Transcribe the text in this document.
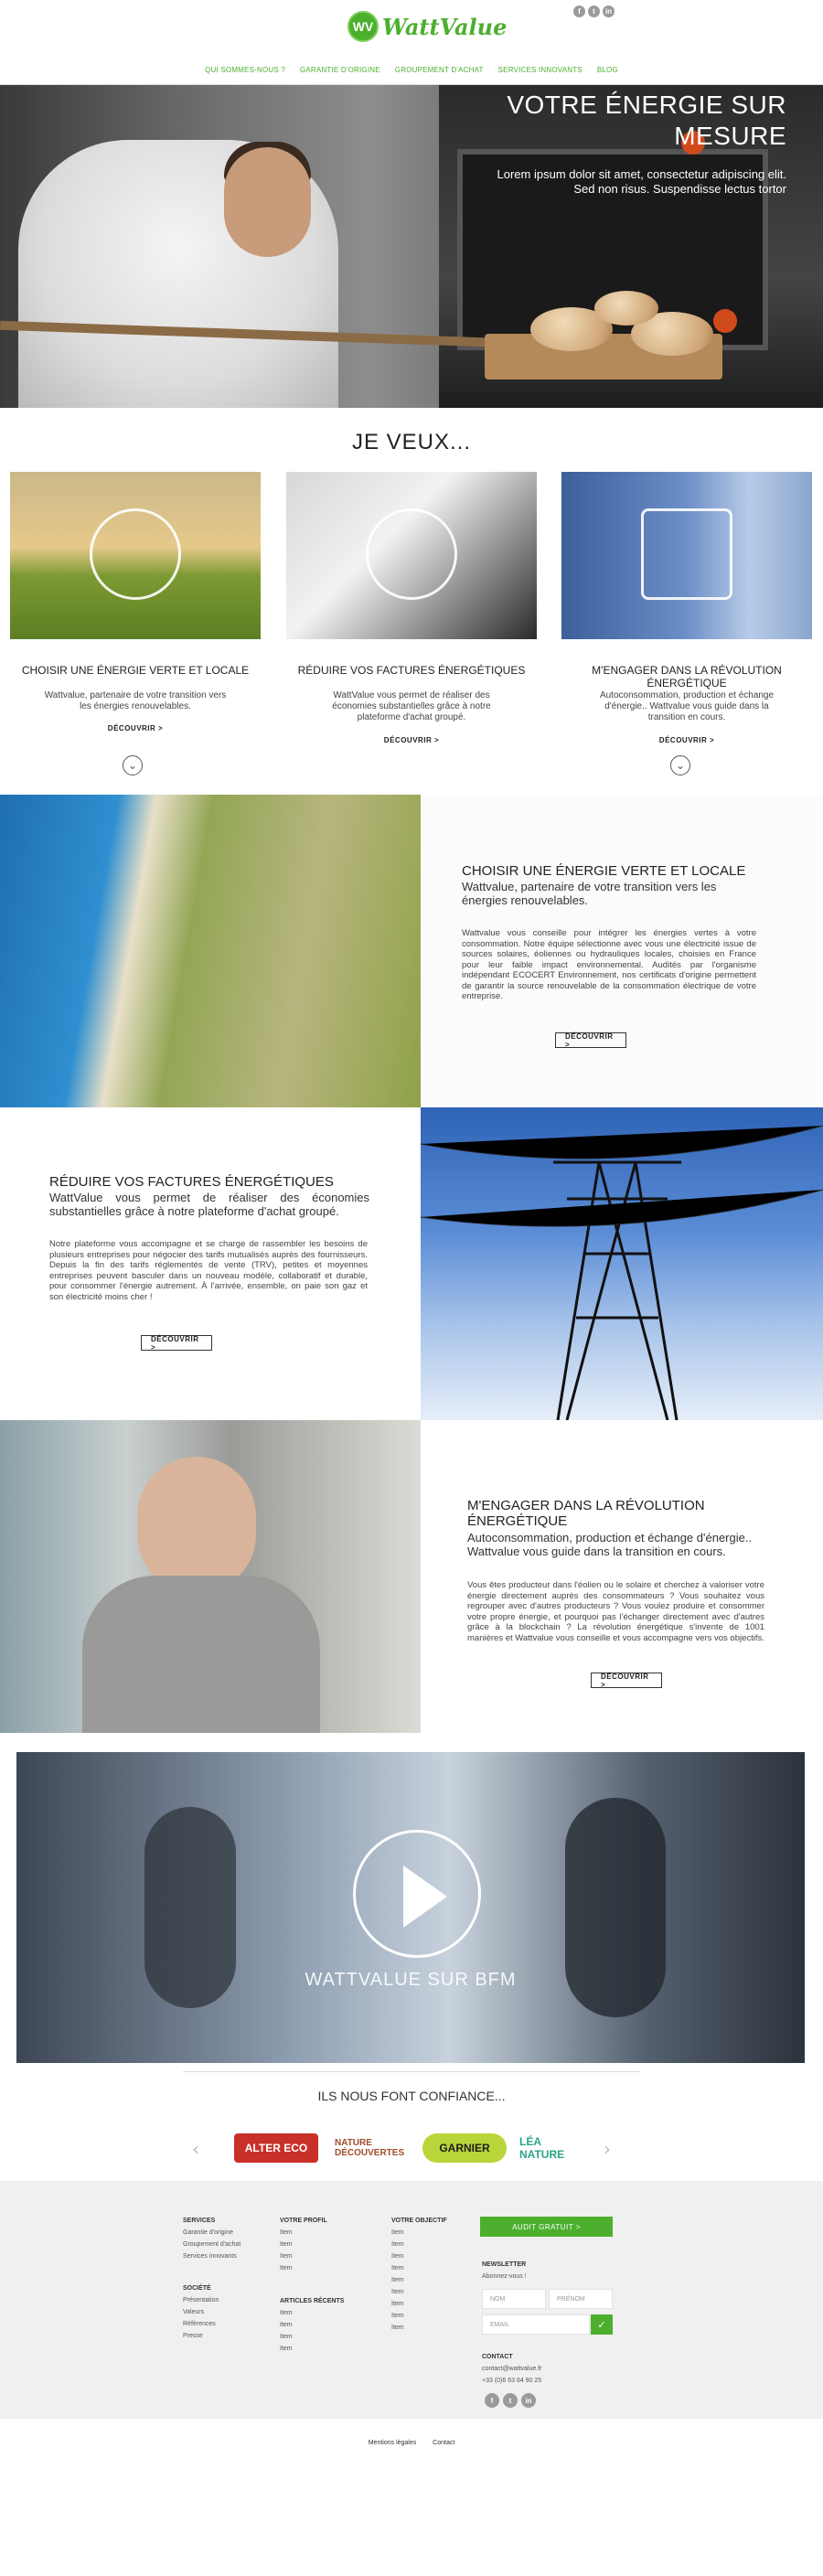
WV WattValue
f	t	in
QUI SOMMES-NOUS ? GARANTIE D'ORIGINE GROUPEMENT D'ACHAT SERVICES INNOVANTS BLOG
VOTRE ÉNERGIE SUR MESURE
Lorem ipsum dolor sit amet, consectetur adipiscing elit. Sed non risus. Suspendisse lectus tortor
JE VEUX...
CHOISIR UNE ÉNERGIE VERTE ET LOCALE
Wattvalue, partenaire de votre transition vers les énergies renouvelables.
DÉCOUVRIR >
⌄
RÉDUIRE VOS FACTURES ÉNERGÉTIQUES
WattValue vous permet de réaliser des économies substantielles grâce à notre plateforme d'achat groupé.
DÉCOUVRIR >
M'ENGAGER DANS LA RÉVOLUTION ÉNERGÉTIQUE
Autoconsommation, production et échange d'énergie.. Wattvalue vous guide dans la transition en cours.
DÉCOUVRIR >
⌄
CHOISIR UNE ÉNERGIE VERTE ET LOCALE
Wattvalue, partenaire de votre transition vers les énergies renouvelables.
Wattvalue vous conseille pour intégrer les énergies vertes à votre consommation. Notre équipe sélectionne avec vous une électricité issue de sources solaires, éoliennes ou hydrauliques locales, choisies en France pour leur faible impact environnemental. Audités par l'organisme indépendant ECOCERT Environnement, nos certificats d'origine permettent de garantir la source renouvelable de la consommation électrique de votre entreprise.
DÉCOUVRIR >
RÉDUIRE VOS FACTURES ÉNERGÉTIQUES
WattValue vous permet de réaliser des économies substantielles grâce à notre plateforme d'achat groupé.
Notre plateforme vous accompagne et se charge de rassembler les besoins de plusieurs entreprises pour négocier des tarifs mutualisés auprès des fournisseurs. Depuis la fin des tarifs réglementés de vente (TRV), petites et moyennes entreprises peuvent basculer dans un nouveau modèle, collaboratif et durable, pour consommer l'énergie autrement. À l'arrivée, ensemble, on paie son gaz et son électricité moins cher !
DÉCOUVRIR >
M'ENGAGER DANS LA RÉVOLUTION ÉNERGÉTIQUE
Autoconsommation, production et échange d'énergie.. Wattvalue vous guide dans la transition en cours.
Vous êtes producteur dans l'éolien ou le solaire et cherchez à valoriser votre énergie directement auprès des consommateurs ? Vous souhaitez vous regrouper avec d'autres producteurs ? Vous voulez produire et consommer votre propre énergie, et pourquoi pas l'échanger directement avec d'autres grâce à la blockchain ? La révolution énergétique s'invente de 1001 manières et Wattvalue vous conseille et vous accompagne vers vos objectifs.
DÉCOUVRIR >
WATTVALUE SUR BFM
ILS NOUS FONT CONFIANCE...
‹	ALTER ECO	NATURE DÉCOUVERTES	GARNIER	LÉA NATURE	›
SERVICES
Garantie d'origine
Groupement d'achat
Services innovants
SOCIÉTÉ
Présentation
Valeurs
Références
Presse
VOTRE PROFIL
Item
Item
Item
Item
ARTICLES RÉCENTS
Item
Item
Item
Item
VOTRE OBJECTIF
Item
Item
Item
Item
Item
Item
Item
Item
Item
AUDIT GRATUIT >
NEWSLETTER
Abonnez-vous !
NOM	PRÉNOM
EMAIL	✓
CONTACT
contact@wattvalue.fr
+33 (0)6 63 64 90 25
f	t	in
Mentions légales	Contact
